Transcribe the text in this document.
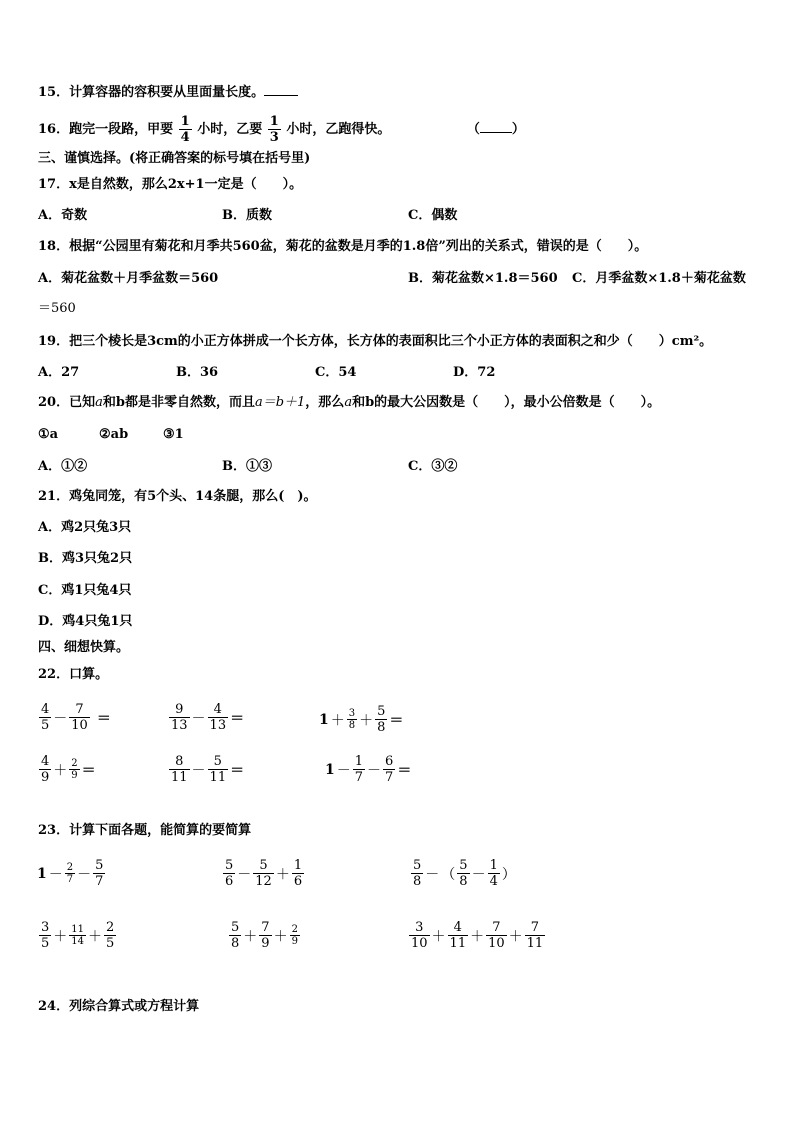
15．计算容器的容积要从里面量长度。
16．跑完一段路，甲要 $\frac{1}{4}$ 小时，乙要 $\frac{1}{3}$ 小时，乙跑得快。	（ ）
三、谨慎选择。(将正确答案的标号填在括号里)
17．x是自然数，那么2x+1一定是（　　）。
A．奇数	B．质数	C．偶数
18．根据“公园里有菊花和月季共560盆，菊花的盆数是月季的1.8倍”列出的关系式，错误的是（　　）。
A．菊花盆数＋月季盆数＝560	B．菊花盆数×1.8＝560 C．月季盆数×1.8＋菊花盆数
＝560
19．把三个棱长是3cm的小正方体拼成一个长方体，长方体的表面积比三个小正方体的表面积之和少（　　）cm²。
A．27	B．36	C．54	D．72
20．已知a和b都是非零自然数，而且a＝b＋1，那么a和b的最大公因数是（　　），最小公倍数是（　　）。
①a	②ab	③1
A．①②	B．①③	C．③②
21．鸡兔同笼，有5个头、14条腿，那么(　)。
A．鸡2只兔3只
B．鸡3只兔2只
C．鸡1只兔4只
D．鸡4只兔1只
四、细想快算。
22．口算。
$\frac{4}{5} - \frac{7}{10}$ ＝	$\frac{9}{13} - \frac{4}{13}$ ＝	$1 + \frac{3}{8} + \frac{5}{8}$ ＝
$\frac{4}{9} + \frac{2}{9}$ ＝	$\frac{8}{11} - \frac{5}{11}$ ＝	$1 - \frac{1}{7} - \frac{6}{7}$ ＝
23．计算下面各题，能简算的要简算
$1 - \frac{2}{7} - \frac{5}{7}$	$\frac{5}{6} - \frac{5}{12} + \frac{1}{6}$	$\frac{5}{8}$ － （ $\frac{5}{8} - \frac{1}{4}$ ）
$\frac{3}{5} + \frac{11}{14} + \frac{2}{5}$	$\frac{5}{8} + \frac{7}{9} + \frac{2}{9}$	$\frac{3}{10} + \frac{4}{11} + \frac{7}{10} + \frac{7}{11}$
24．列综合算式或方程计算
